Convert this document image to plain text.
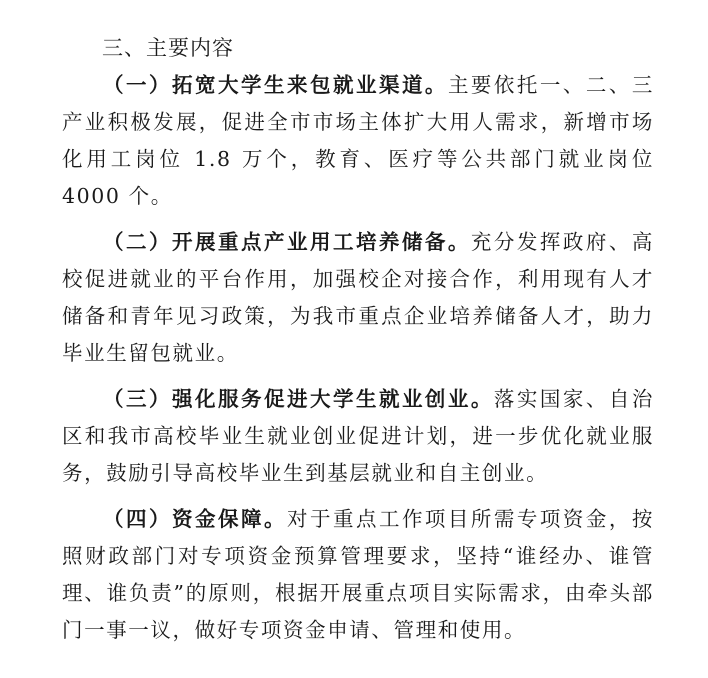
三、主要内容

（一）拓宽大学生来包就业渠道。主要依托一、二、三产业积极发展，促进全市市场主体扩大用人需求，新增市场化用工岗位 1.8 万个，教育、医疗等公共部门就业岗位 4000 个。

（二）开展重点产业用工培养储备。充分发挥政府、高校促进就业的平台作用，加强校企对接合作，利用现有人才储备和青年见习政策，为我市重点企业培养储备人才，助力毕业生留包就业。

（三）强化服务促进大学生就业创业。落实国家、自治区和我市高校毕业生就业创业促进计划，进一步优化就业服务，鼓励引导高校毕业生到基层就业和自主创业。

（四）资金保障。对于重点工作项目所需专项资金，按照财政部门对专项资金预算管理要求，坚持“谁经办、谁管理、谁负责”的原则，根据开展重点项目实际需求，由牵头部门一事一议，做好专项资金申请、管理和使用。
